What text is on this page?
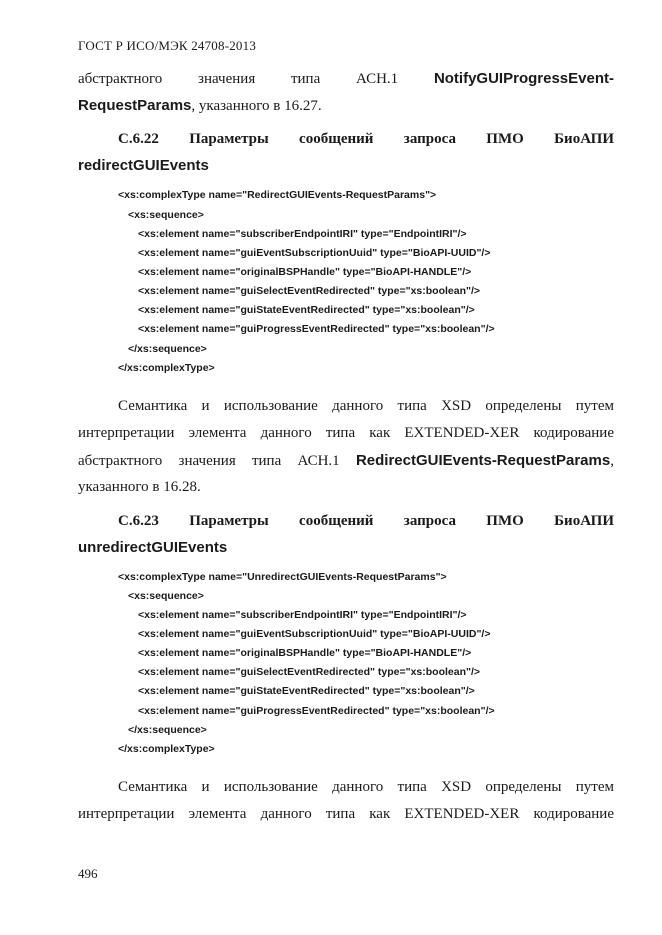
ГОСТ Р ИСО/МЭК 24708-2013
абстрактного значения типа АСН.1 NotifyGUIProgressEvent-
RequestParams, указанного в 16.27.
С.6.22 Параметры сообщений запроса ПМО БиоАПИ
redirectGUIEvents
<xs:complexType name="RedirectGUIEvents-RequestParams">
<xs:sequence>
<xs:element name="subscriberEndpointIRI" type="EndpointIRI"/>
<xs:element name="guiEventSubscriptionUuid" type="BioAPI-UUID"/>
<xs:element name="originalBSPHandle" type="BioAPI-HANDLE"/>
<xs:element name="guiSelectEventRedirected" type="xs:boolean"/>
<xs:element name="guiStateEventRedirected" type="xs:boolean"/>
<xs:element name="guiProgressEventRedirected" type="xs:boolean"/>
</xs:sequence>
</xs:complexType>
Семантика и использование данного типа XSD определены путем
интерпретации элемента данного типа как EXTENDED-XER кодирование
абстрактного значения типа АСН.1 RedirectGUIEvents-RequestParams,
указанного в 16.28.
С.6.23 Параметры сообщений запроса ПМО БиоАПИ
unredirectGUIEvents
<xs:complexType name="UnredirectGUIEvents-RequestParams">
<xs:sequence>
<xs:element name="subscriberEndpointIRI" type="EndpointIRI"/>
<xs:element name="guiEventSubscriptionUuid" type="BioAPI-UUID"/>
<xs:element name="originalBSPHandle" type="BioAPI-HANDLE"/>
<xs:element name="guiSelectEventRedirected" type="xs:boolean"/>
<xs:element name="guiStateEventRedirected" type="xs:boolean"/>
<xs:element name="guiProgressEventRedirected" type="xs:boolean"/>
</xs:sequence>
</xs:complexType>
Семантика и использование данного типа XSD определены путем
интерпретации элемента данного типа как EXTENDED-XER кодирование
496
